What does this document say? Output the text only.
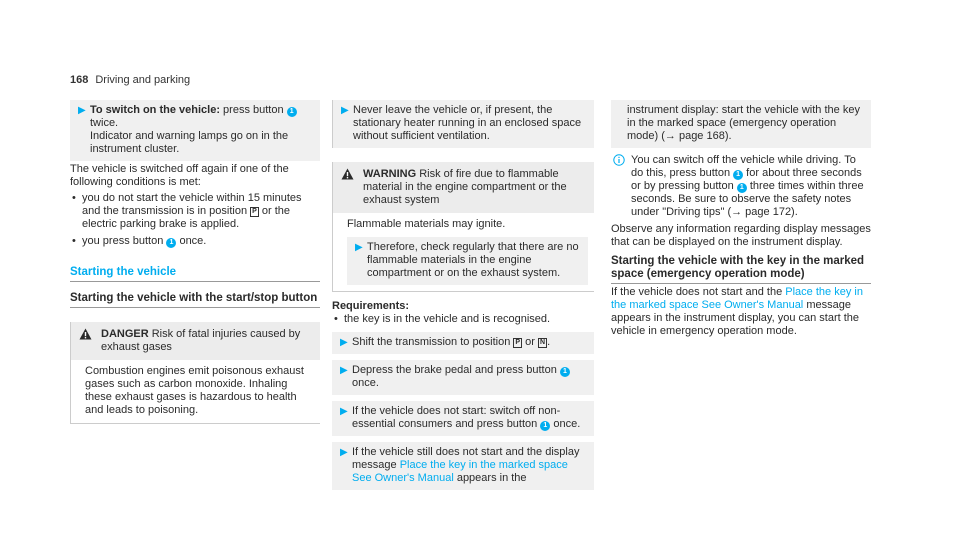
168 Driving and parking
▶ To switch on the vehicle: press button 1 twice.
Indicator and warning lamps go on in the instrument cluster.

The vehicle is switched off again if one of the following conditions is met:

• you do not start the vehicle within 15 minutes and the transmission is in position P or the electric parking brake is applied.
• you press button 1 once.
Starting the vehicle
Starting the vehicle with the start/stop button
DANGER Risk of fatal injuries caused by exhaust gases
Combustion engines emit poisonous exhaust gases such as carbon monoxide. Inhaling these exhaust gases is hazardous to health and leads to poisoning.
▶ Never leave the vehicle or, if present, the stationary heater running in an enclosed space without sufficient ventilation.
WARNING Risk of fire due to flammable material in the engine compartment or the exhaust system

Flammable materials may ignite.

▶ Therefore, check regularly that there are no flammable materials in the engine compartment or on the exhaust system.

Requirements:

• the key is in the vehicle and is recognised.
▶ Shift the transmission to position P or N .
▶ Depress the brake pedal and press button 1 once.
▶ If the vehicle does not start: switch off non-essential consumers and press button 1 once.
▶ If the vehicle still does not start and the display message Place the key in the marked space See Owner's Manual appears in the
instrument display: start the vehicle with the key in the marked space (emergency operation mode) (→ page 168).
You can switch off the vehicle while driving. To do this, press button 1 for about three seconds or by pressing button 1 three times within three seconds. Be sure to observe the safety notes under "Driving tips" (→ page 172).

Observe any information regarding display messages that can be displayed on the instrument display.

Starting the vehicle with the key in the marked space (emergency operation mode)

If the vehicle does not start and the Place the key in the marked space See Owner's Manual message appears in the instrument display, you can start the vehicle in emergency operation mode.
